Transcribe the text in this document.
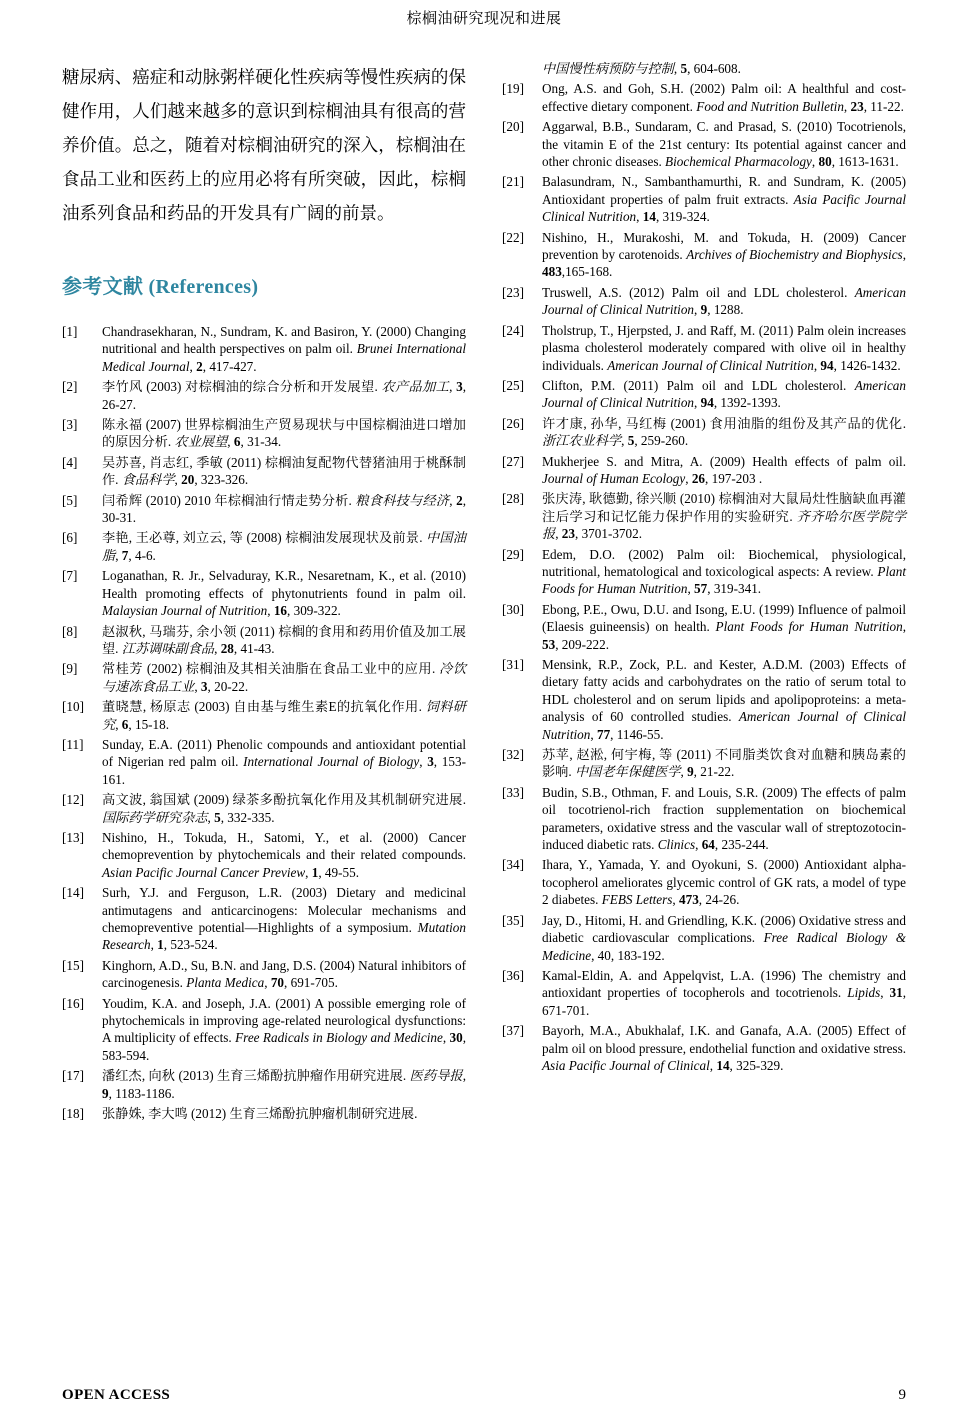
棕榈油研究现况和进展

糖尿病、癌症和动脉粥样硬化性疾病等慢性疾病的保健作用，人们越来越多的意识到棕榈油具有很高的营养价值。总之，随着对棕榈油研究的深入，棕榈油在食品工业和医药上的应用必将有所突破，因此，棕榈油系列食品和药品的开发具有广阔的前景。

参考文献 (References)
[1]	Chandrasekharan, N., Sundram, K. and Basiron, Y. (2000) Changing nutritional and health perspectives on palm oil. Brunei International Medical Journal, 2, 417-427.
[2]	李竹风 (2003) 对棕榈油的综合分析和开发展望. 农产品加工, 3, 26-27.
[3]	陈永福 (2007) 世界棕榈油生产贸易现状与中国棕榈油进口增加的原因分析. 农业展望, 6, 31-34.
[4]	吴苏喜, 肖志红, 季敏 (2011) 棕榈油复配物代替猪油用于桃酥制作. 食品科学, 20, 323-326.
[5]	闫希辉 (2010) 2010 年棕榈油行情走势分析. 粮食科技与经济, 2, 30-31.
[6]	李艳, 王必尊, 刘立云, 等 (2008) 棕榈油发展现状及前景. 中国油脂, 7, 4-6.
[7]	Loganathan, R. Jr., Selvaduray, K.R., Nesaretnam, K., et al. (2010) Health promoting effects of phytonutrients found in palm oil. Malaysian Journal of Nutrition, 16, 309-322.
[8]	赵淑秋, 马瑞芬, 余小领 (2011) 棕榈的食用和药用价值及加工展望. 江苏调味副食品, 28, 41-43.
[9]	常桂芳 (2002) 棕榈油及其相关油脂在食品工业中的应用. 冷饮与速冻食品工业, 3, 20-22.
[10]	董晓慧, 杨原志 (2003) 自由基与维生素E的抗氧化作用. 饲料研究, 6, 15-18.
[11]	Sunday, E.A. (2011) Phenolic compounds and antioxidant potential of Nigerian red palm oil. International Journal of Biology, 3, 153-161.
[12]	高文波, 翁国斌 (2009) 绿茶多酚抗氧化作用及其机制研究进展. 国际药学研究杂志, 5, 332-335.
[13]	Nishino, H., Tokuda, H., Satomi, Y., et al. (2000) Cancer chemoprevention by phytochemicals and their related compounds. Asian Pacific Journal Cancer Preview, 1, 49-55.
[14]	Surh, Y.J. and Ferguson, L.R. (2003) Dietary and medicinal antimutagens and anticarcinogens: Molecular mechanisms and chemopreventive potential—Highlights of a symposium. Mutation Research, 1, 523-524.
[15]	Kinghorn, A.D., Su, B.N. and Jang, D.S. (2004) Natural inhibitors of carcinogenesis. Planta Medica, 70, 691-705.
[16]	Youdim, K.A. and Joseph, J.A. (2001) A possible emerging role of phytochemicals in improving age-related neurological dysfunctions: A multiplicity of effects. Free Radicals in Biology and Medicine, 30, 583-594.
[17]	潘红杰, 向秋 (2013) 生育三烯酚抗肿瘤作用研究进展. 医药导报, 9, 1183-1186.
[18]	张静姝, 李大鸣 (2012) 生育三烯酚抗肿瘤机制研究进展.
中国慢性病预防与控制, 5, 604-608.
[19]	Ong, A.S. and Goh, S.H. (2002) Palm oil: A healthful and cost-effective dietary component. Food and Nutrition Bulletin, 23, 11-22.
[20]	Aggarwal, B.B., Sundaram, C. and Prasad, S. (2010) Tocotrienols, the vitamin E of the 21st century: Its potential against cancer and other chronic diseases. Biochemical Pharmacology, 80, 1613-1631.
[21]	Balasundram, N., Sambanthamurthi, R. and Sundram, K. (2005) Antioxidant properties of palm fruit extracts. Asia Pacific Journal Clinical Nutrition, 14, 319-324.
[22]	Nishino, H., Murakoshi, M. and Tokuda, H. (2009) Cancer prevention by carotenoids. Archives of Biochemistry and Biophysics, 483,165-168.
[23]	Truswell, A.S. (2012) Palm oil and LDL cholesterol. American Journal of Clinical Nutrition, 9, 1288.
[24]	Tholstrup, T., Hjerpsted, J. and Raff, M. (2011) Palm olein increases plasma cholesterol moderately compared with olive oil in healthy individuals. American Journal of Clinical Nutrition, 94, 1426-1432.
[25]	Clifton, P.M. (2011) Palm oil and LDL cholesterol. American Journal of Clinical Nutrition, 94, 1392-1393.
[26]	许才康, 孙华, 马红梅 (2001) 食用油脂的组份及其产品的优化. 浙江农业科学, 5, 259-260.
[27]	Mukherjee S. and Mitra, A. (2009) Health effects of palm oil. Journal of Human Ecology, 26, 197-203 .
[28]	张庆涛, 耿德勤, 徐兴顺 (2010) 棕榈油对大鼠局灶性脑缺血再灌注后学习和记忆能力保护作用的实验研究. 齐齐哈尔医学院学报, 23, 3701-3702.
[29]	Edem, D.O. (2002) Palm oil: Biochemical, physiological, nutritional, hematological and toxicological aspects: A review. Plant Foods for Human Nutrition, 57, 319-341.
[30]	Ebong, P.E., Owu, D.U. and Isong, E.U. (1999) Influence of palmoil (Elaesis guineensis) on health. Plant Foods for Human Nutrition, 53, 209-222.
[31]	Mensink, R.P., Zock, P.L. and Kester, A.D.M. (2003) Effects of dietary fatty acids and carbohydrates on the ratio of serum total to HDL cholesterol and on serum lipids and apolipoproteins: a meta-analysis of 60 controlled studies. American Journal of Clinical Nutrition, 77, 1146-55.
[32]	苏苹, 赵淞, 何宇梅, 等 (2011) 不同脂类饮食对血糖和胰岛素的影响. 中国老年保健医学, 9, 21-22.
[33]	Budin, S.B., Othman, F. and Louis, S.R. (2009) The effects of palm oil tocotrienol-rich fraction supplementation on biochemical parameters, oxidative stress and the vascular wall of streptozotocin-induced diabetic rats. Clinics, 64, 235-244.
[34]	Ihara, Y., Yamada, Y. and Oyokuni, S. (2000) Antioxidant alpha-tocopherol ameliorates glycemic control of GK rats, a model of type 2 diabetes. FEBS Letters, 473, 24-26.
[35]	Jay, D., Hitomi, H. and Griendling, K.K. (2006) Oxidative stress and diabetic cardiovascular complications. Free Radical Biology & Medicine, 40, 183-192.
[36]	Kamal-Eldin, A. and Appelqvist, L.A. (1996) The chemistry and antioxidant properties of tocopherols and tocotrienols. Lipids, 31, 671-701.
[37]	Bayorh, M.A., Abukhalaf, I.K. and Ganafa, A.A. (2005) Effect of palm oil on blood pressure, endothelial function and oxidative stress. Asia Pacific Journal of Clinical, 14, 325-329.
OPEN ACCESS	9
